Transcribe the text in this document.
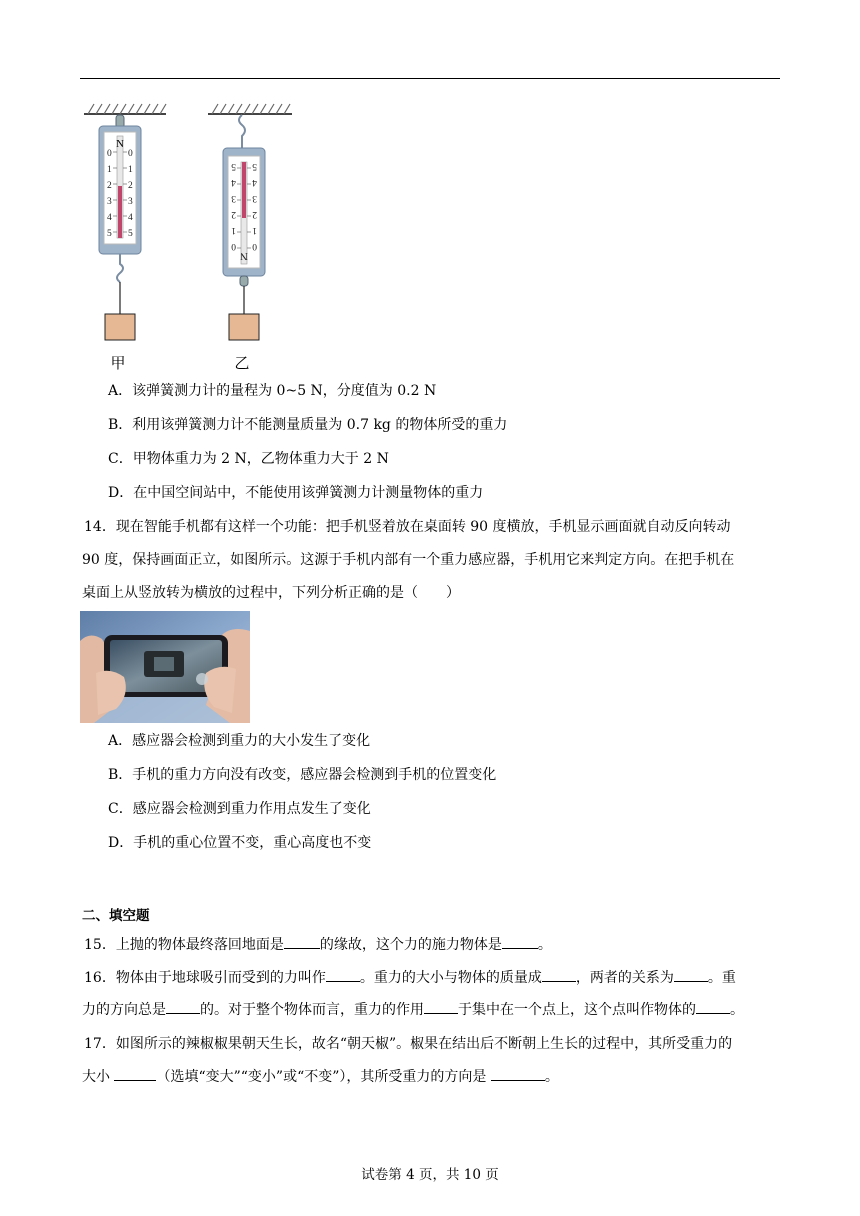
N
0 0
1 1
2 2
3 3
4 4
5 5
甲
N
0
0
1
1
2
2
3
3
4
4
5
5
乙
A．该弹簧测力计的量程为 0~5 N，分度值为 0.2 N
B．利用该弹簧测力计不能测量质量为 0.7 kg 的物体所受的重力
C．甲物体重力为 2 N，乙物体重力大于 2 N
D．在中国空间站中，不能使用该弹簧测力计测量物体的重力
14．现在智能手机都有这样一个功能：把手机竖着放在桌面转 90 度横放，手机显示画面就自动反向转动
90 度，保持画面正立，如图所示。这源于手机内部有一个重力感应器，手机用它来判定方向。在把手机在
桌面上从竖放转为横放的过程中，下列分析正确的是（　　）
A．感应器会检测到重力的大小发生了变化
B．手机的重力方向没有改变，感应器会检测到手机的位置变化
C．感应器会检测到重力作用点发生了变化
D．手机的重心位置不变，重心高度也不变
二、填空题
15．上抛的物体最终落回地面是	的缘故，这个力的施力物体是	。
16．物体由于地球吸引而受到的力叫作 。重力的大小与物体的质量成 ，两者的关系为 。重
力的方向总是 的。对于整个物体而言，重力的作用 于集中在一个点上，这个点叫作物体的 。
17．如图所示的辣椒椒果朝天生长，故名“朝天椒”。椒果在结出后不断朝上生长的过程中，其所受重力的
大小	（选填“变大”“变小”或“不变”），其所受重力的方向是	。
试卷第 4 页，共 10 页
